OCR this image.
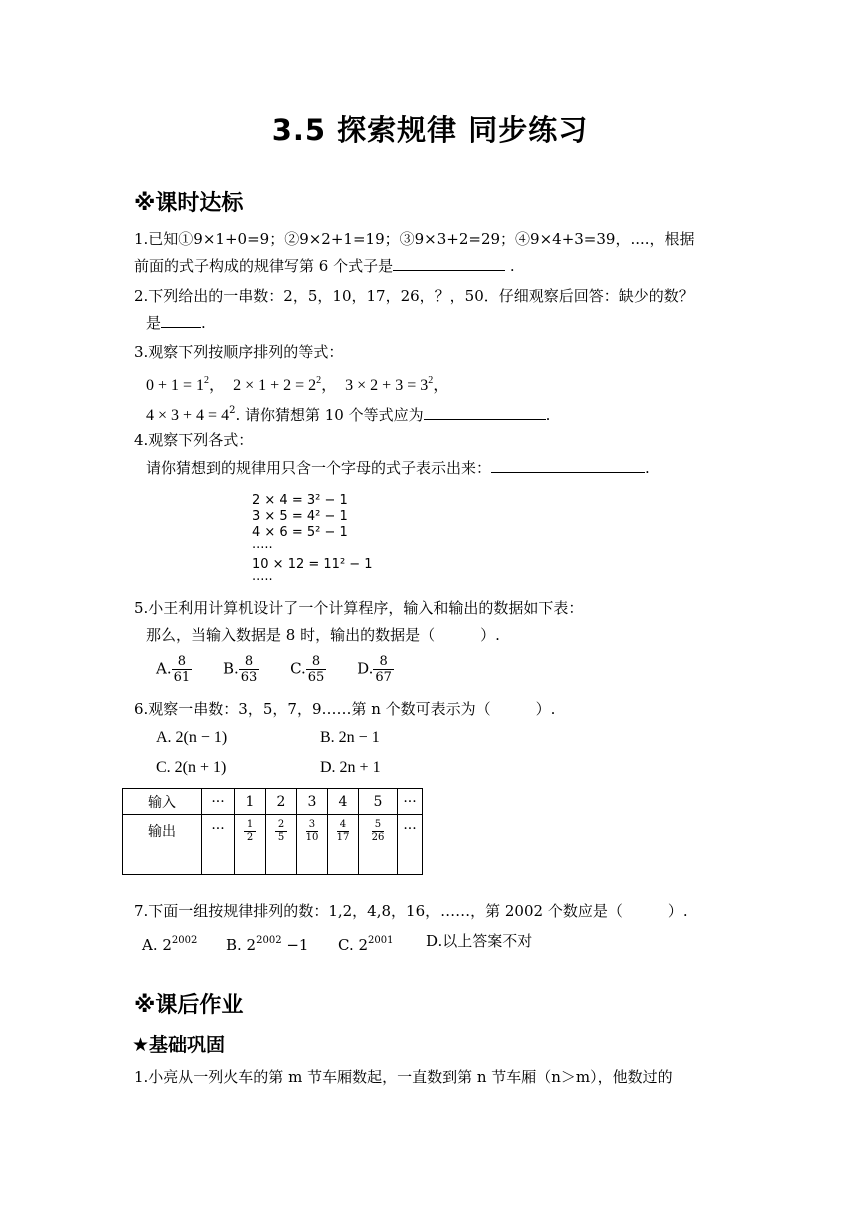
3.5 探索规律 同步练习
※课时达标
1.已知①9×1+0=9；②9×2+1=19；③9×3+2=29；④9×4+3=39，....，根据
前面的式子构成的规律写第 6 个式子是	.
2.下列给出的一串数：2，5，10，17，26，？，50．仔细观察后回答：缺少的数？
是	.
3.观察下列按顺序排列的等式：
$0 + 1 = 1^2$，  $2 \times 1 + 2 = 2^2$，  $3 \times 2 + 3 = 3^2$，
$4 \times 3 + 4 = 4^2$. 请你猜想第 10 个等式应为	.
4.观察下列各式：
请你猜想到的规律用只含一个字母的式子表示出来：	.
2 × 4 = 3² − 1
3 × 5 = 4² − 1
4 × 6 = 5² − 1
·····
10 × 12 = 11² − 1
·····
5.小王利用计算机设计了一个计算程序，输入和输出的数据如下表：
那么，当输入数据是 8 时，输出的数据是（　　　）.
A. $\frac{8}{61} B$. $\frac{8}{63} C$. $\frac{8}{65} D$. $\frac{8}{67}$
6.观察一串数：3，5，7，9……第 n 个数可表示为（　　　）.
A. 2(n − 1)	B. 2n − 1
C. 2(n + 1)	D. 2n + 1
输入	···	1	2	3	4	5	···
输出	···	$\frac{1}{2}$	$\frac{2}{5}$	$\frac{3}{10}$	$\frac{4}{17}$	$\frac{5}{26}$	···
7.下面一组按规律排列的数：1,2，4,8，16，……，第 2002 个数应是（　　　）.
A. $2^{2002}$ B. $2^{2002} -1$ C. $2^{2001}$ D.以上答案不对
※课后作业
★基础巩固
1.小亮从一列火车的第 m 节车厢数起，一直数到第 n 节车厢（n＞m），他数过的
